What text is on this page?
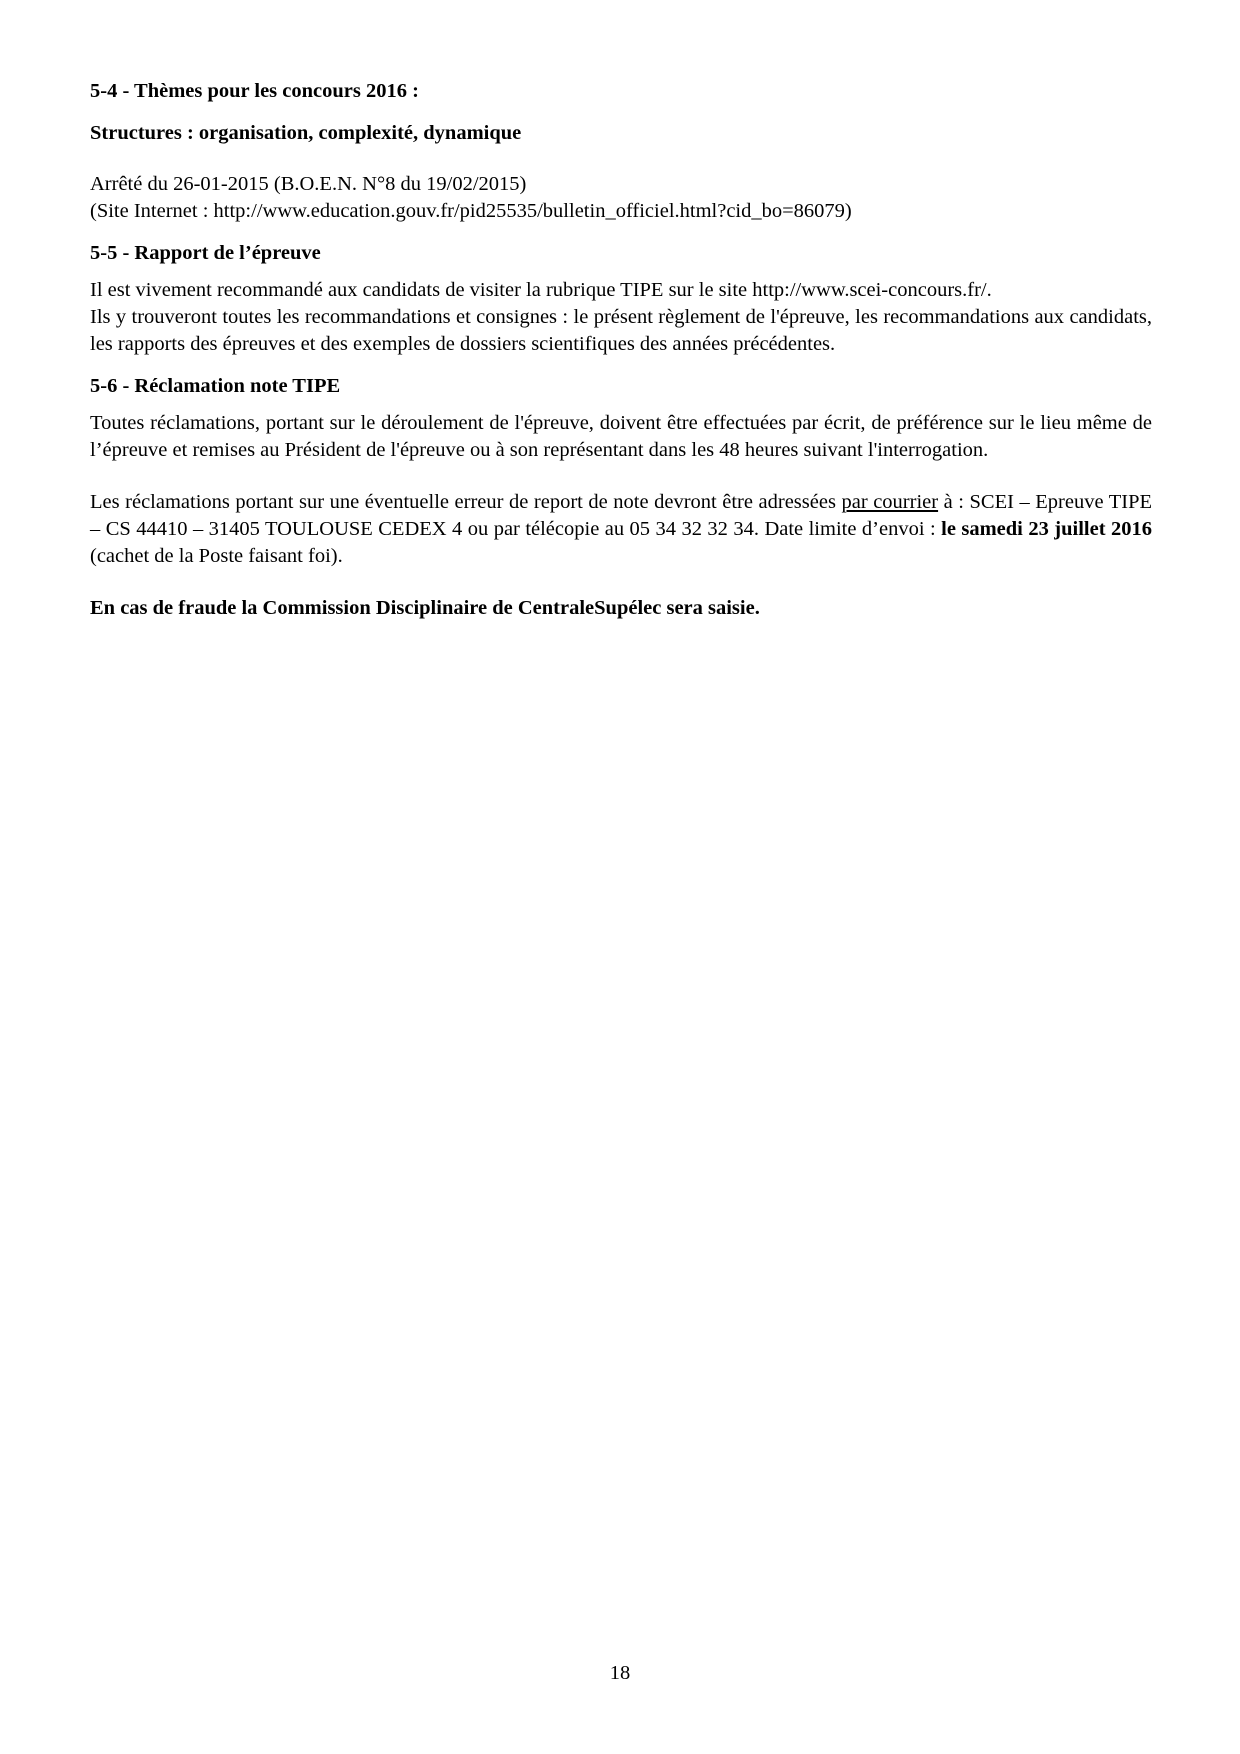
5-4 - Thèmes pour les concours 2016 :

Structures : organisation, complexité, dynamique

Arrêté du 26-01-2015 (B.O.E.N. N°8 du 19/02/2015)

(Site Internet : http://www.education.gouv.fr/pid25535/bulletin_officiel.html?cid_bo=86079)

5-5 - Rapport de l’épreuve

Il est vivement recommandé aux candidats de visiter la rubrique TIPE sur le site http://www.scei-concours.fr/.

Ils y trouveront toutes les recommandations et consignes : le présent règlement de l'épreuve, les recommandations aux candidats, les rapports des épreuves et des exemples de dossiers scientifiques des années précédentes.

5-6 - Réclamation note TIPE

Toutes réclamations, portant sur le déroulement de l'épreuve, doivent être effectuées par écrit, de préférence sur le lieu même de l’épreuve et remises au Président de l'épreuve ou à son représentant dans les 48 heures suivant l'interrogation.

Les réclamations portant sur une éventuelle erreur de report de note devront être adressées par courrier à : SCEI – Epreuve TIPE – CS 44410 – 31405 TOULOUSE CEDEX 4 ou par télécopie au 05 34 32 32 34. Date limite d’envoi : le samedi 23 juillet 2016 (cachet de la Poste faisant foi).

En cas de fraude la Commission Disciplinaire de CentraleSupélec sera saisie.

18
